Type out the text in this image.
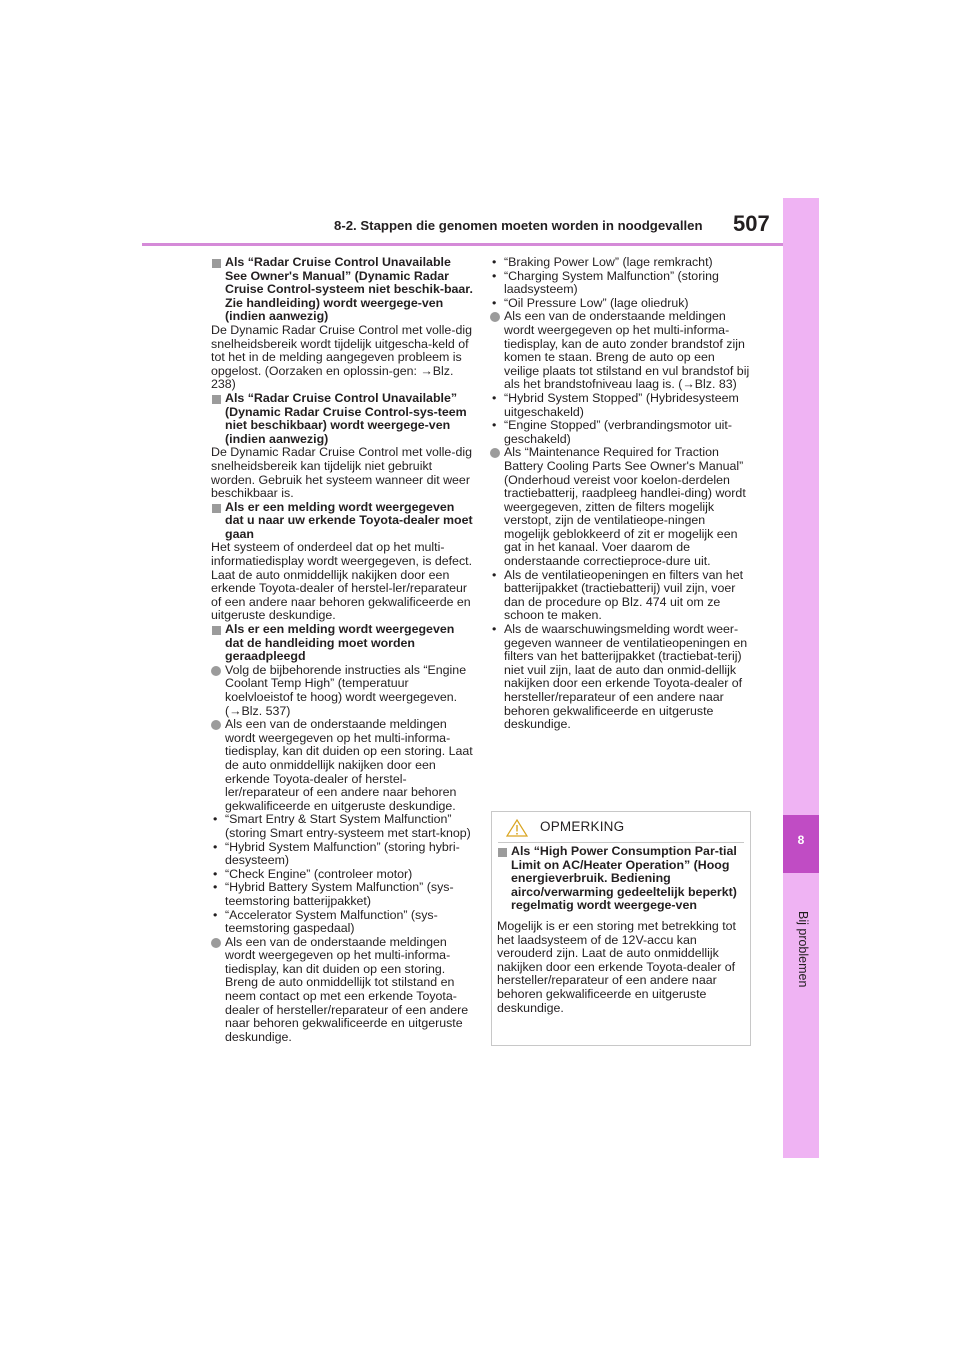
8-2. Stappen die genomen moeten worden in noodgevallen 507
8
Bij problemen
Als “Radar Cruise Control Unavailable See Owner's Manual” (Dynamic Radar Cruise Control-systeem niet beschik-baar. Zie handleiding) wordt weergege-ven (indien aanwezig)
De Dynamic Radar Cruise Control met volle-dig snelheidsbereik wordt tijdelijk uitgescha-keld of tot het in de melding aangegeven probleem is opgelost. (Oorzaken en oplossin-gen: →Blz. 238)
Als “Radar Cruise Control Unavailable” (Dynamic Radar Cruise Control-sys-teem niet beschikbaar) wordt weergege-ven (indien aanwezig)
De Dynamic Radar Cruise Control met volle-dig snelheidsbereik kan tijdelijk niet gebruikt worden. Gebruik het systeem wanneer dit weer beschikbaar is.
Als er een melding wordt weergegeven dat u naar uw erkende Toyota-dealer moet gaan
Het systeem of onderdeel dat op het multi-informatiedisplay wordt weergegeven, is defect. Laat de auto onmiddellijk nakijken door een erkende Toyota-dealer of herstel-ler/reparateur of een andere naar behoren gekwalificeerde en uitgeruste deskundige.
Als er een melding wordt weergegeven dat de handleiding moet worden geraadpleegd
Volg de bijbehorende instructies als “Engine Coolant Temp High” (temperatuur koelvloeistof te hoog) wordt weergegeven. (→Blz. 537)
Als een van de onderstaande meldingen wordt weergegeven op het multi-informa-tiedisplay, kan dit duiden op een storing. Laat de auto onmiddellijk nakijken door een erkende Toyota-dealer of herstel-ler/reparateur of een andere naar behoren gekwalificeerde en uitgeruste deskundige.
• “Smart Entry & Start System Malfunction” (storing Smart entry-systeem met start-knop)
• “Hybrid System Malfunction” (storing hybri-desysteem)
• “Check Engine” (controleer motor)
• “Hybrid Battery System Malfunction” (sys-teemstoring batterijpakket)
• “Accelerator System Malfunction” (sys-teemstoring gaspedaal)
Als een van de onderstaande meldingen wordt weergegeven op het multi-informa-tiedisplay, kan dit duiden op een storing. Breng de auto onmiddellijk tot stilstand en neem contact op met een erkende Toyota-dealer of hersteller/reparateur of een andere naar behoren gekwalificeerde en uitgeruste deskundige.
• “Braking Power Low” (lage remkracht)
• “Charging System Malfunction” (storing laadsysteem)
• “Oil Pressure Low” (lage oliedruk)
Als een van de onderstaande meldingen wordt weergegeven op het multi-informa-tiedisplay, kan de auto zonder brandstof zijn komen te staan. Breng de auto op een veilige plaats tot stilstand en vul brandstof bij als het brandstofniveau laag is. (→Blz. 83)
• “Hybrid System Stopped” (Hybridesysteem uitgeschakeld)
• “Engine Stopped” (verbrandingsmotor uit-geschakeld)
Als “Maintenance Required for Traction Battery Cooling Parts See Owner's Manual” (Onderhoud vereist voor koelon-derdelen tractiebatterij, raadpleeg handlei-ding) wordt weergegeven, zitten de filters mogelijk verstopt, zijn de ventilatieope-ningen mogelijk geblokkeerd of zit er mogelijk een gat in het kanaal. Voer daarom de onderstaande correctieproce-dure uit.
• Als de ventilatieopeningen en filters van het batterijpakket (tractiebatterij) vuil zijn, voer dan de procedure op Blz. 474 uit om ze schoon te maken.
• Als de waarschuwingsmelding wordt weer-gegeven wanneer de ventilatieopeningen en filters van het batterijpakket (tractiebat-terij) niet vuil zijn, laat de auto dan onmid-dellijk nakijken door een erkende Toyota-dealer of hersteller/reparateur of een andere naar behoren gekwalificeerde en uitgeruste deskundige.
OPMERKING
Als “High Power Consumption Par-tial Limit on AC/Heater Operation” (Hoog energieverbruik. Bediening airco/verwarming gedeeltelijk beperkt) regelmatig wordt weergege-ven
Mogelijk is er een storing met betrekking tot het laadsysteem of de 12V-accu kan verouderd zijn. Laat de auto onmiddellijk nakijken door een erkende Toyota-dealer of hersteller/reparateur of een andere naar behoren gekwalificeerde en uitgeruste deskundige.
